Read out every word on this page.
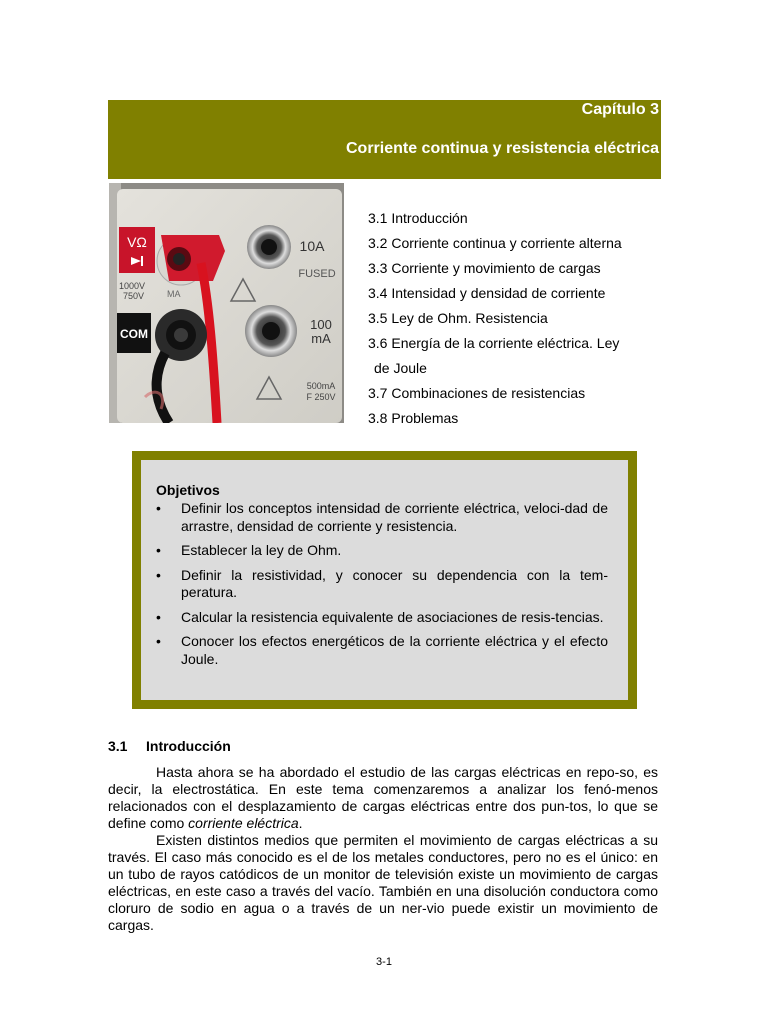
Capítulo 3
Corriente continua y resistencia eléctrica
VΩ
COM
1000V
750V	MA
10A
FUSED
100
mA
500mA
F 250V
3.1 Introducción
3.2 Corriente continua y corriente alterna
3.3 Corriente y movimiento de cargas
3.4 Intensidad y densidad de corriente
3.5 Ley de Ohm. Resistencia
3.6 Energía de la corriente eléctrica. Ley
de Joule
3.7 Combinaciones de resistencias
3.8 Problemas
Objetivos
• Definir los conceptos intensidad de corriente eléctrica, veloci-dad de arrastre, densidad de corriente y resistencia.
• Establecer la ley de Ohm.
• Definir la resistividad, y conocer su dependencia con la tem-peratura.
• Calcular la resistencia equivalente de asociaciones de resis-tencias.
• Conocer los efectos energéticos de la corriente eléctrica y el efecto Joule.
3.1 Introducción

Hasta ahora se ha abordado el estudio de las cargas eléctricas en repo-so, es decir, la electrostática. En este tema comenzaremos a analizar los fenó-menos relacionados con el desplazamiento de cargas eléctricas entre dos pun-tos, lo que se define como corriente eléctrica.

Existen distintos medios que permiten el movimiento de cargas eléctricas a su través. El caso más conocido es el de los metales conductores, pero no es el único: en un tubo de rayos catódicos de un monitor de televisión existe un movimiento de cargas eléctricas, en este caso a través del vacío. También en una disolución conductora como cloruro de sodio en agua o a través de un ner-vio puede existir un movimiento de cargas.

3-1
